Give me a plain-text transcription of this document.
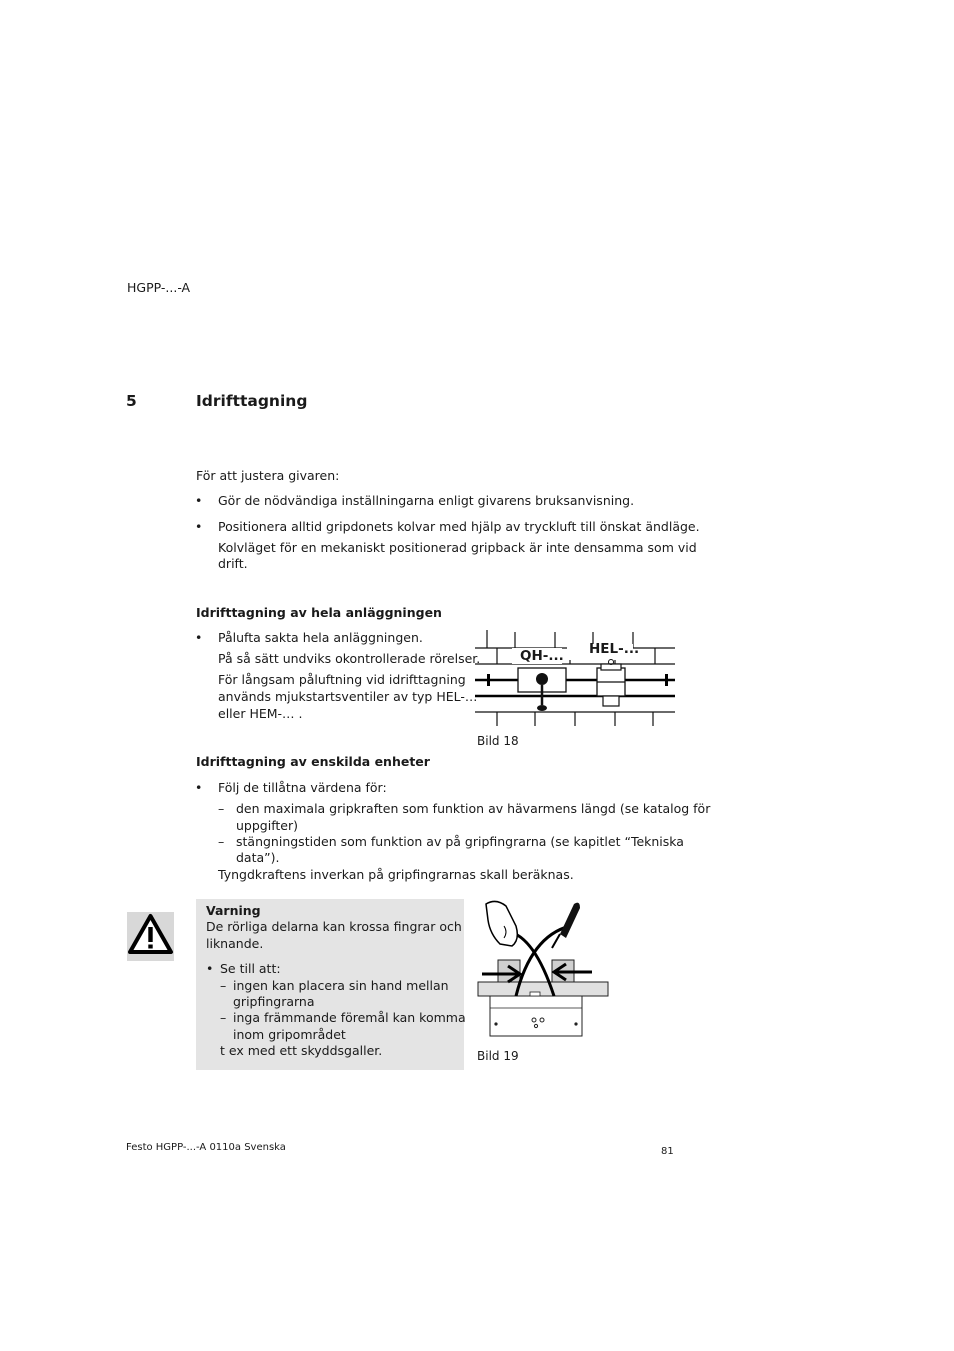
HGPP-...-A
5	Idrifttagning
För att justera givaren:
• Gör de nödvändiga inställningarna enligt givarens bruksanvisning.
• Positionera alltid gripdonets kolvar med hjälp av tryckluft till önskat ändläge.
Kolvläget för en mekaniskt positionerad gripback är inte densamma som vid
drift.
Idrifttagning av hela anläggningen
• Pålufta sakta hela anläggningen.
På så sätt undviks okontrollerade rörelser.
För långsam påluftning vid idrifttagning
används mjukstartsventiler av typ HEL-…
eller HEM-… .
QH-... HEL-...
Bild 18
Idrifttagning av enskilda enheter
• Följ de tillåtna värdena för:
– den maximala gripkraften som funktion av hävarmens längd (se katalog för
uppgifter)
– stängningstiden som funktion av på gripfingrarna (se kapitlet “Tekniska
data”).
Tyngdkraftens inverkan på gripfingrarnas skall beräknas.
Varning
De rörliga delarna kan krossa fingrar och
liknande.
• Se till att:
– ingen kan placera sin hand mellan
gripfingrarna
– inga främmande föremål kan komma
inom gripområdet
t ex med ett skyddsgaller.	Bild 19
Festo HGPP-...-A 0110a Svenska	81
